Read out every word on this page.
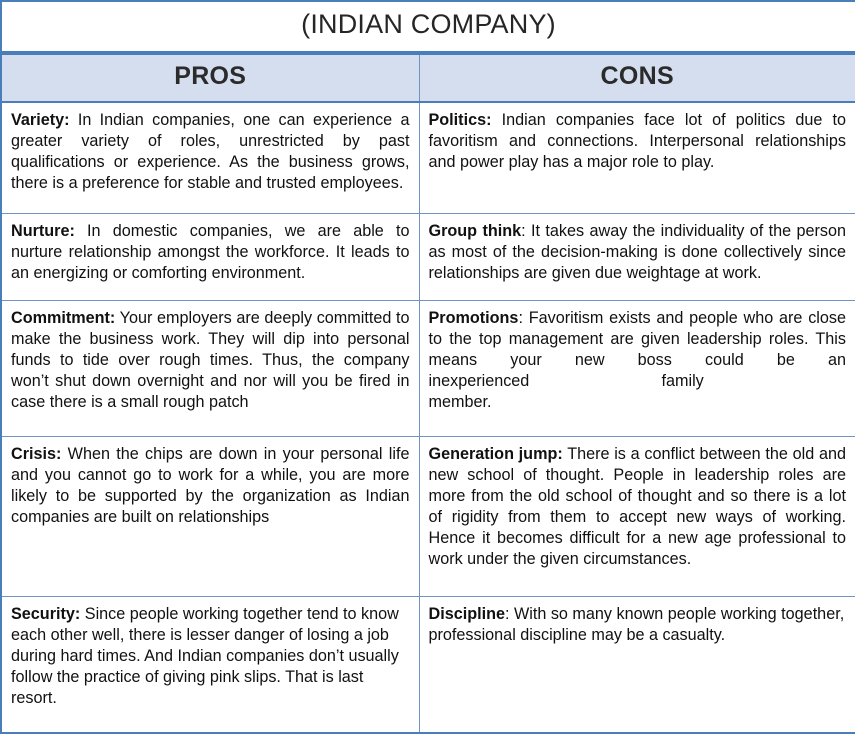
(INDIAN COMPANY)	
PROS	CONS
Variety: In Indian companies, one can experience a greater variety of roles, unrestricted by past qualifications or experience. As the business grows, there is a preference for stable and trusted employees.	Politics: Indian companies face lot of politics due to favoritism and connections. Interpersonal relationships and power play has a major role to play.
Nurture: In domestic companies, we are able to nurture relationship amongst the workforce. It leads to an energizing or comforting environment.	Group think: It takes away the individuality of the person as most of the decision-making is done collectively since relationships are given due weightage at work.
Commitment: Your employers are deeply committed to make the business work. They will dip into personal funds to tide over rough times. Thus, the company won’t shut down overnight and nor will you be fired in case there is a small rough patch	Promotions: Favoritism exists and people who are close to the top management are given leadership roles. This means your new boss could be an inexperienced                        family                           member.
Crisis: When the chips are down in your personal life and you cannot go to work for a while, you are more likely to be supported by the organization as Indian companies are built on relationships	Generation jump: There is a conflict between the old and new school of thought. People in leadership roles are more from the old school of thought and so there is a lot of rigidity from them to accept new ways of working. Hence it becomes difficult for a new age professional to work under the given circumstances.
Security: Since people working together tend to know each other well, there is lesser danger of losing a job during hard times. And Indian companies don’t usually follow the practice of giving pink slips. That is last resort.	Discipline: With so many known people working together, professional discipline may be a casualty.
